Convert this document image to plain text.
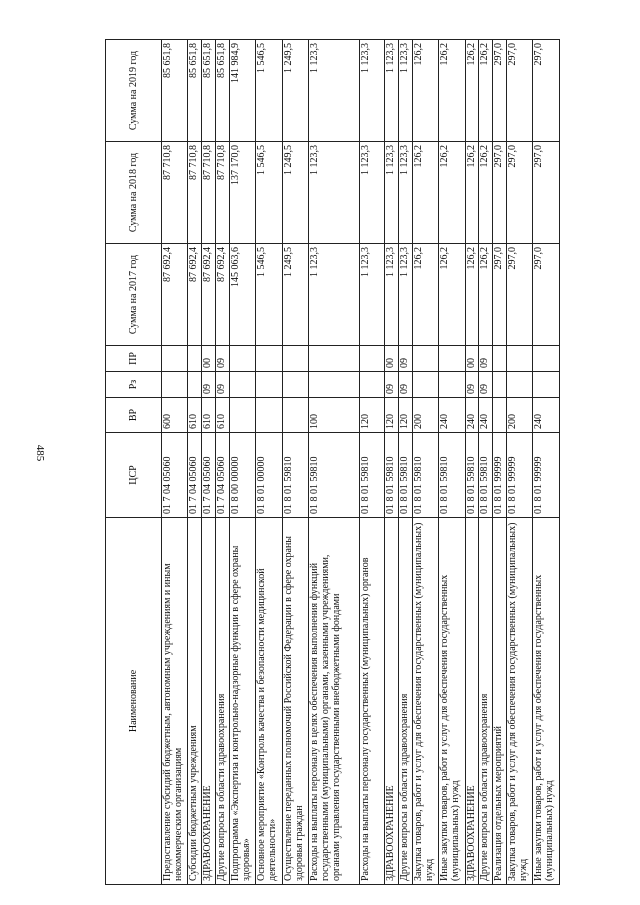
485
Наименование	ЦСР	ВР	Рз	ПР	Сумма на 2017 год	Сумма на 2018 год	Сумма на 2019 год
Предоставление субсидий бюджетным, автономным учреждениям и иным некоммерческим организациям	01 7 04 05060	600			87 692,4	87 710,8	85 651,8
Субсидии бюджетным учреждениям	01 7 04 05060	610			87 692,4	87 710,8	85 651,8
ЗДРАВООХРАНЕНИЕ	01 7 04 05060	610	09	00	87 692,4	87 710,8	85 651,8
Другие вопросы в области здравоохранения	01 7 04 05060	610	09	09	87 692,4	87 710,8	85 651,8
Подпрограмма «Экспертиза и контрольно-надзорные функции в сфере охраны здоровья»	01 8 00 00000				145 063,6	137 170,0	141 984,9
Основное мероприятие «Контроль качества и безопасности медицинской деятельности»	01 8 01 00000				1 546,5	1 546,5	1 546,5
Осуществление переданных полномочий Российской Федерации в сфере охраны здоровья граждан	01 8 01 59810				1 249,5	1 249,5	1 249,5
Расходы на выплаты персоналу в целях обеспечения выполнения функций государственными (муниципальными) органами, казенными учреждениями, органами управления государственными внебюджетными фондами	01 8 01 59810	100			1 123,3	1 123,3	1 123,3
Расходы на выплаты персоналу государственных (муниципальных) органов	01 8 01 59810	120			1 123,3	1 123,3	1 123,3
ЗДРАВООХРАНЕНИЕ	01 8 01 59810	120	09	00	1 123,3	1 123,3	1 123,3
Другие вопросы в области здравоохранения	01 8 01 59810	120	09	09	1 123,3	1 123,3	1 123,3
Закупка товаров, работ и услуг для обеспечения государственных (муниципальных) нужд	01 8 01 59810	200			126,2	126,2	126,2
Иные закупки товаров, работ и услуг для обеспечения государственных (муниципальных) нужд	01 8 01 59810	240			126,2	126,2	126,2
ЗДРАВООХРАНЕНИЕ	01 8 01 59810	240	09	00	126,2	126,2	126,2
Другие вопросы в области здравоохранения	01 8 01 59810	240	09	09	126,2	126,2	126,2
Реализация отдельных мероприятий	01 8 01 99999				297,0	297,0	297,0
Закупка товаров, работ и услуг для обеспечения государственных (муниципальных) нужд	01 8 01 99999	200			297,0	297,0	297,0
Иные закупки товаров, работ и услуг для обеспечения государственных (муниципальных) нужд	01 8 01 99999	240			297,0	297,0	297,0
